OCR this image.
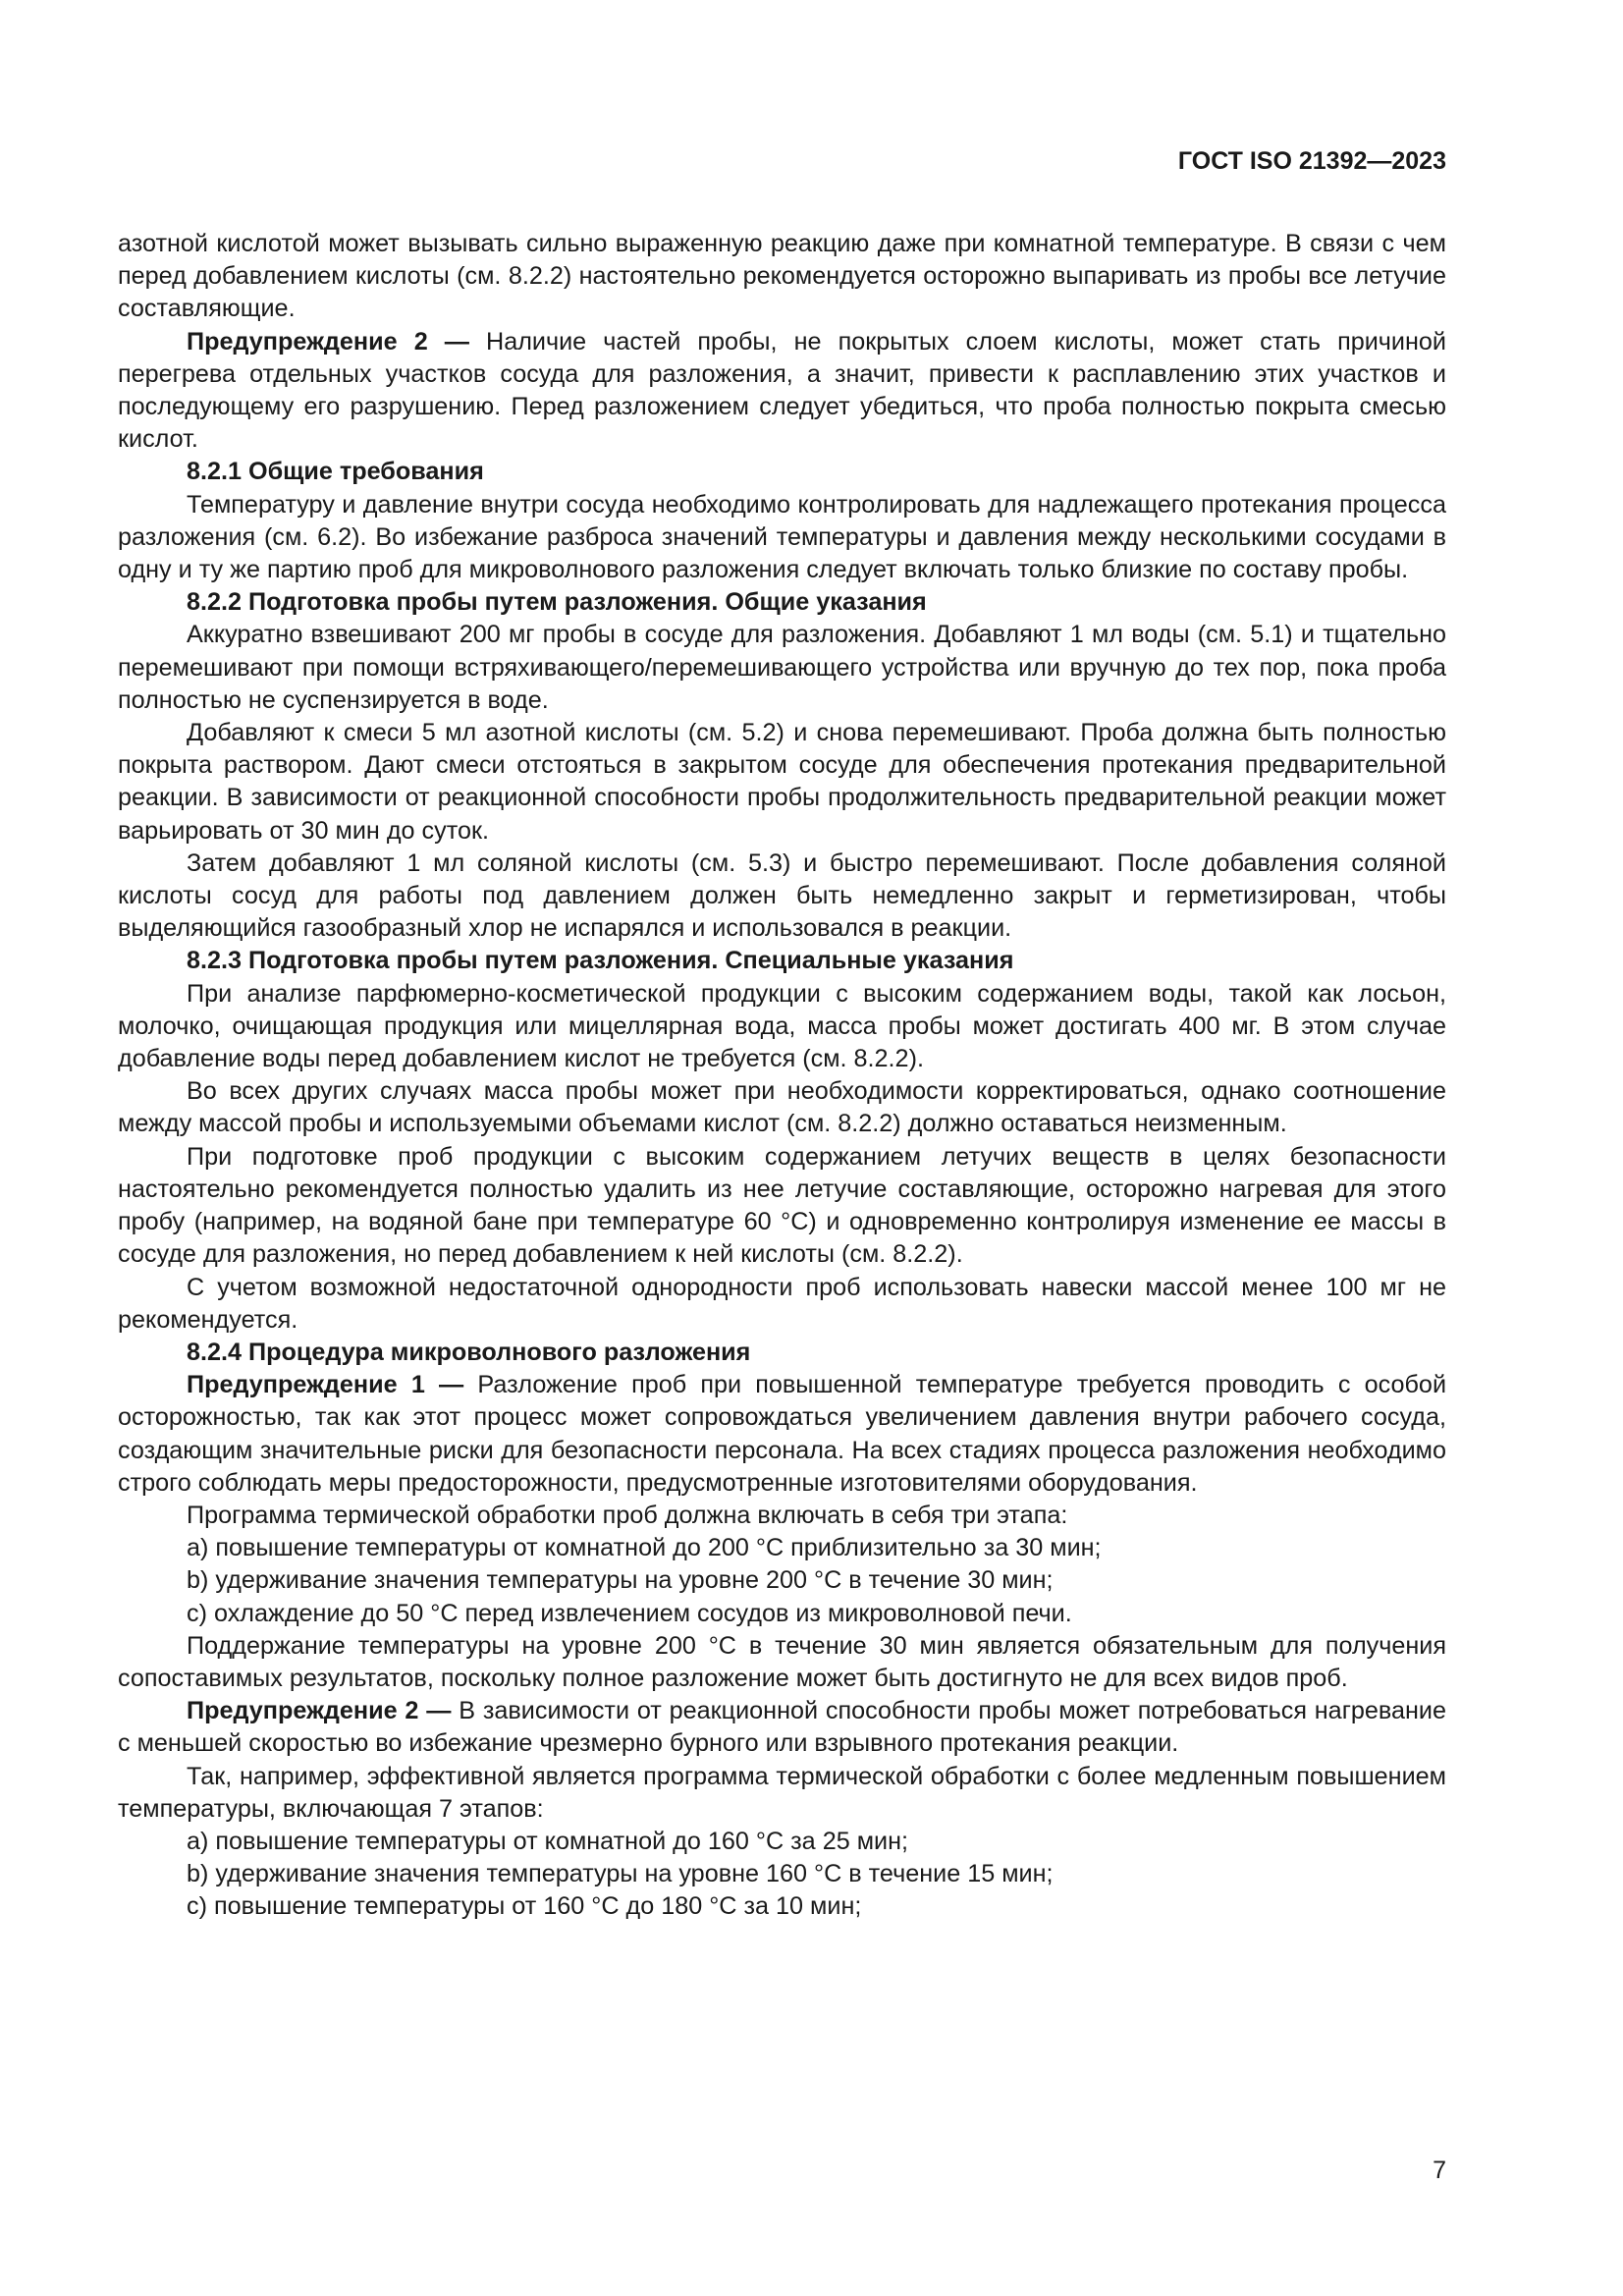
ГОСТ ISO 21392—2023

азотной кислотой может вызывать сильно выраженную реакцию даже при комнатной температуре. В связи с чем перед добавлением кислоты (см. 8.2.2) настоятельно рекомендуется осторожно выпаривать из пробы все летучие составляющие.

Предупреждение 2 — Наличие частей пробы, не покрытых слоем кислоты, может стать причиной перегрева отдельных участков сосуда для разложения, а значит, привести к расплавлению этих участков и последующему его разрушению. Перед разложением следует убедиться, что проба полностью покрыта смесью кислот.

8.2.1 Общие требования

Температуру и давление внутри сосуда необходимо контролировать для надлежащего протекания процесса разложения (см. 6.2). Во избежание разброса значений температуры и давления между несколькими сосудами в одну и ту же партию проб для микроволнового разложения следует включать только близкие по составу пробы.

8.2.2 Подготовка пробы путем разложения. Общие указания

Аккуратно взвешивают 200 мг пробы в сосуде для разложения. Добавляют 1 мл воды (см. 5.1) и тщательно перемешивают при помощи встряхивающего/перемешивающего устройства или вручную до тех пор, пока проба полностью не суспензируется в воде.

Добавляют к смеси 5 мл азотной кислоты (см. 5.2) и снова перемешивают. Проба должна быть полностью покрыта раствором. Дают смеси отстояться в закрытом сосуде для обеспечения протекания предварительной реакции. В зависимости от реакционной способности пробы продолжительность предварительной реакции может варьировать от 30 мин до суток.

Затем добавляют 1 мл соляной кислоты (см. 5.3) и быстро перемешивают. После добавления соляной кислоты сосуд для работы под давлением должен быть немедленно закрыт и герметизирован, чтобы выделяющийся газообразный хлор не испарялся и использовался в реакции.

8.2.3 Подготовка пробы путем разложения. Специальные указания

При анализе парфюмерно-косметической продукции с высоким содержанием воды, такой как лосьон, молочко, очищающая продукция или мицеллярная вода, масса пробы может достигать 400 мг. В этом случае добавление воды перед добавлением кислот не требуется (см. 8.2.2).

Во всех других случаях масса пробы может при необходимости корректироваться, однако соотношение между массой пробы и используемыми объемами кислот (см. 8.2.2) должно оставаться неизменным.

При подготовке проб продукции с высоким содержанием летучих веществ в целях безопасности настоятельно рекомендуется полностью удалить из нее летучие составляющие, осторожно нагревая для этого пробу (например, на водяной бане при температуре 60 °С) и одновременно контролируя изменение ее массы в сосуде для разложения, но перед добавлением к ней кислоты (см. 8.2.2).

С учетом возможной недостаточной однородности проб использовать навески массой менее 100 мг не рекомендуется.

8.2.4 Процедура микроволнового разложения

Предупреждение 1 — Разложение проб при повышенной температуре требуется проводить с особой осторожностью, так как этот процесс может сопровождаться увеличением давления внутри рабочего сосуда, создающим значительные риски для безопасности персонала. На всех стадиях процесса разложения необходимо строго соблюдать меры предосторожности, предусмотренные изготовителями оборудования.

Программа термической обработки проб должна включать в себя три этапа:

a) повышение температуры от комнатной до 200 °С приблизительно за 30 мин;

b) удерживание значения температуры на уровне 200 °С в течение 30 мин;

c) охлаждение до 50 °С перед извлечением сосудов из микроволновой печи.

Поддержание температуры на уровне 200 °С в течение 30 мин является обязательным для получения сопоставимых результатов, поскольку полное разложение может быть достигнуто не для всех видов проб.

Предупреждение 2 — В зависимости от реакционной способности пробы может потребоваться нагревание с меньшей скоростью во избежание чрезмерно бурного или взрывного протекания реакции.

Так, например, эффективной является программа термической обработки с более медленным повышением температуры, включающая 7 этапов:

a) повышение температуры от комнатной до 160 °С за 25 мин;

b) удерживание значения температуры на уровне 160 °С в течение 15 мин;

c) повышение температуры от 160 °С до 180 °С за 10 мин;

7
